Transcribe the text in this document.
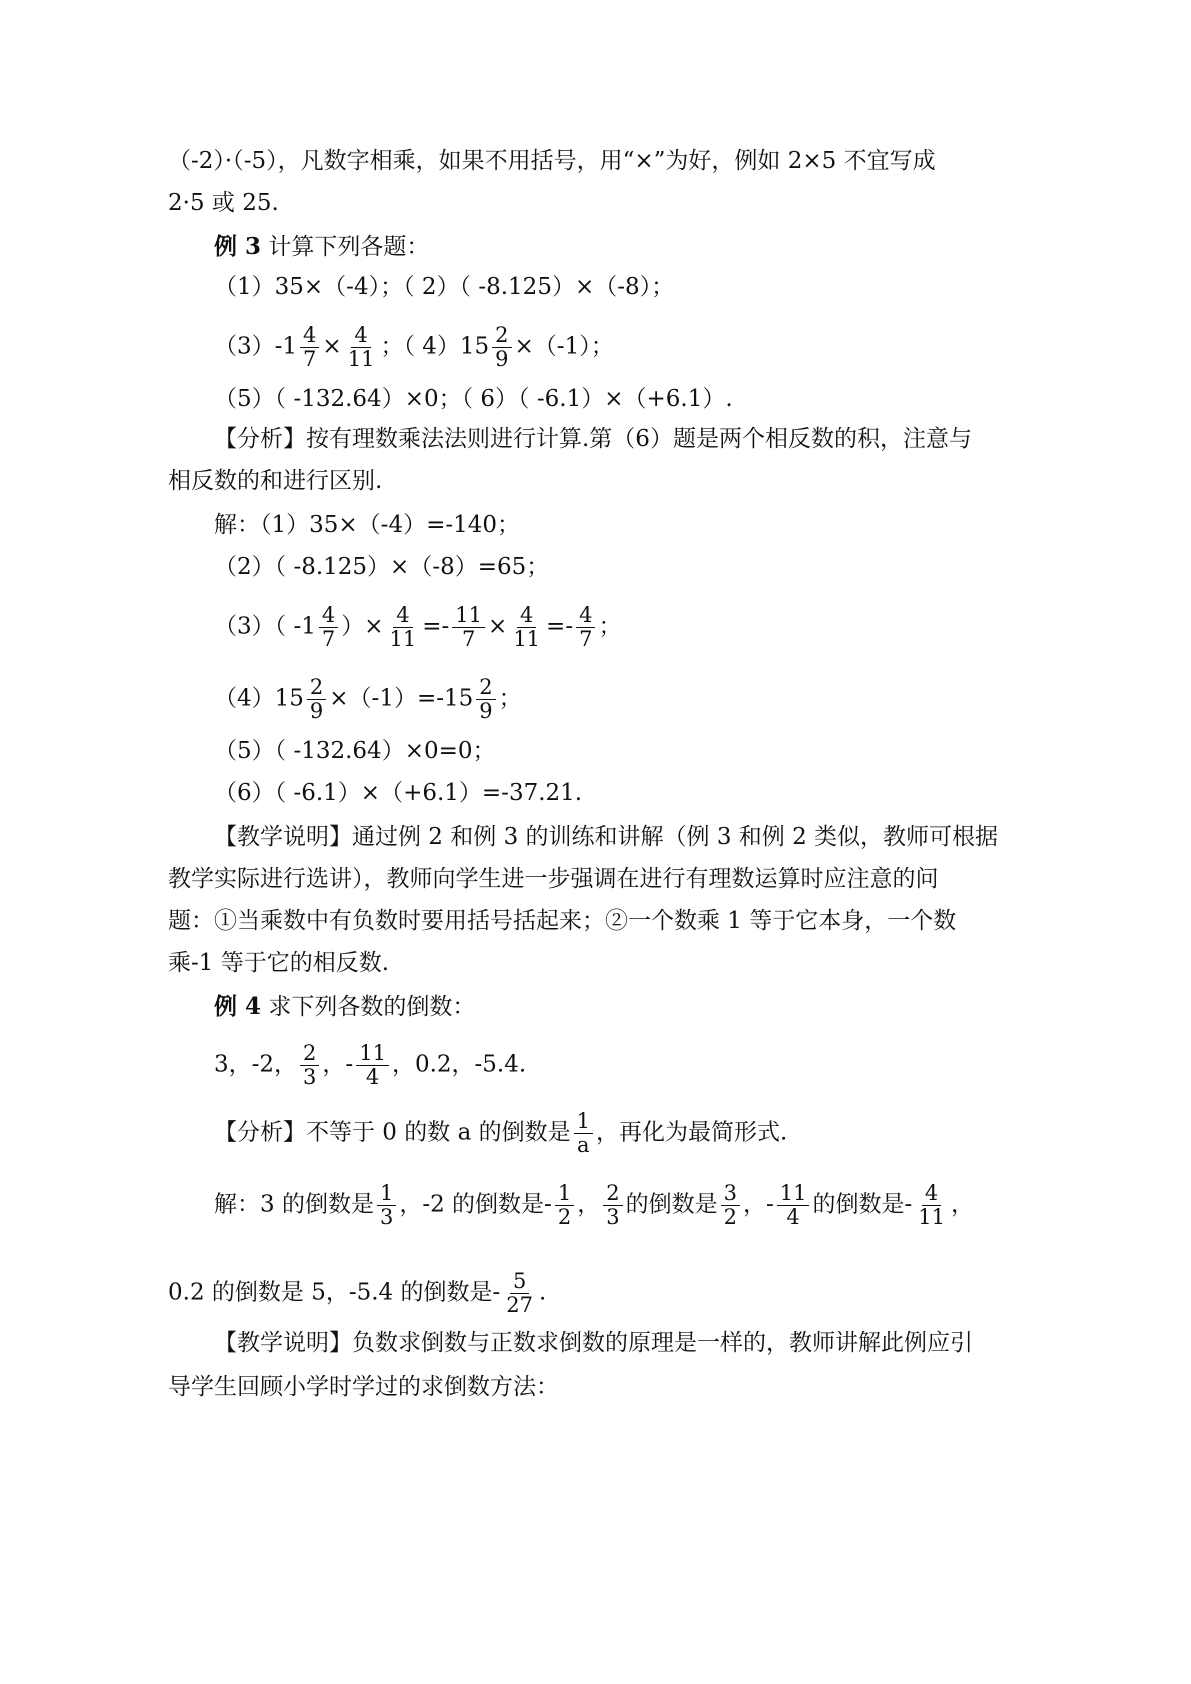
（-2）·（-5），凡数字相乘，如果不用括号，用“×”为好，例如 2×5 不宜写成
2·5 或 25.
例 3 计算下列各题：
（1）35×（-4）；（ 2）（ -8.125）×（-8）；
$(3)-1 \frac{4}{7} \times \frac{4}{11}$ ；（ $4)15 \frac{2}{9} \times(-1)$；
（5）（ -132.64）×0；（ 6）（ -6.1）×（+6.1）.
【分析】按有理数乘法法则进行计算.第（6）题是两个相反数的积，注意与
相反数的和进行区别.
解：（1）35×（-4）=-140；
（2）（ -8.125）×（-8）=65；
（3）（ $-1 \frac{4}{7}$ ）× $\frac{4}{11} =- \frac{11}{7} \times \frac{4}{11} =- \frac{4}{7}$ ；
$(4)15 \frac{2}{9} \times(-1)=-15 \frac{2}{9}$ ；
（5）（ -132.64）×0=0；
（6）（ -6.1）×（+6.1）=-37.21.
【教学说明】通过例 2 和例 3 的训练和讲解（例 3 和例 2 类似，教师可根据
教学实际进行选讲），教师向学生进一步强调在进行有理数运算时应注意的问
题：①当乘数中有负数时要用括号括起来；②一个数乘 1 等于它本身，一个数
乘-1 等于它的相反数.
例 4 求下列各数的倒数：
3，-2， $\frac{2}{3}$ ，- $\frac{11}{4}$ ，0.2，-5.4.
【分析】不等于 0 的数 a 的倒数是 $\frac{1}{a}$ ，再化为最简形式.
解：3 的倒数是 $\frac{1}{3}$ ，-2 的倒数是- $\frac{1}{2}$ ， $\frac{2}{3}$ 的倒数是 $\frac{3}{2}$ ，- $\frac{11}{4}$ 的倒数是- $\frac{4}{11}$ ，
0.2 的倒数是 5，-5.4 的倒数是- $\frac{5}{27}$ .
【教学说明】负数求倒数与正数求倒数的原理是一样的，教师讲解此例应引
导学生回顾小学时学过的求倒数方法：
